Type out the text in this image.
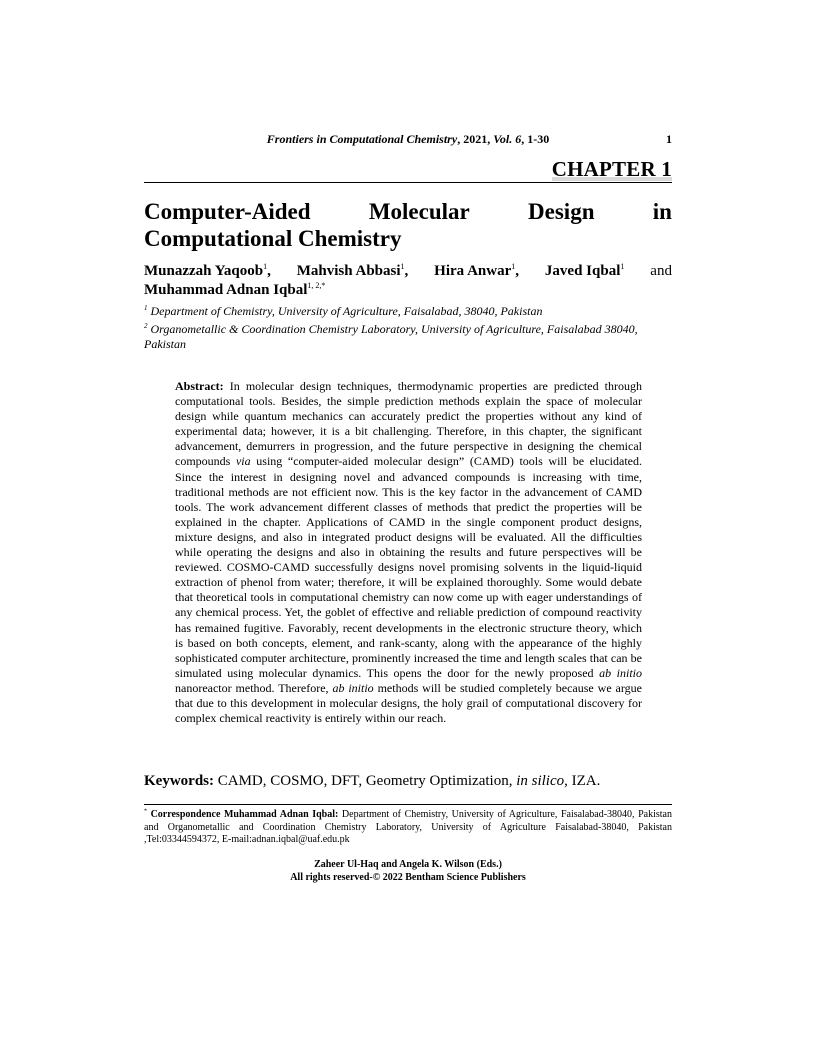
Frontiers in Computational Chemistry, 2021, Vol. 6, 1-30	1
CHAPTER 1
Computer-Aided	Molecular	Design	in
Computational Chemistry
Munazzah Yaqoob$^1$, Mahvish Abbasi$^1$, Hira Anwar$^1$, Javed Iqbal$^1$ and
Muhammad Adnan Iqbal$^{1, 2,*}$
$^1$ Department of Chemistry, University of Agriculture, Faisalabad, 38040, Pakistan
$^2$ Organometallic & Coordination Chemistry Laboratory, University of Agriculture, Faisalabad 38040, Pakistan
Abstract: In molecular design techniques, thermodynamic properties are predicted through computational tools. Besides, the simple prediction methods explain the space of molecular design while quantum mechanics can accurately predict the properties without any kind of experimental data; however, it is a bit challenging. Therefore, in this chapter, the significant advancement, demurrers in progression, and the future perspective in designing the chemical compounds via using “computer-aided molecular design” (CAMD) tools will be elucidated. Since the interest in designing novel and advanced compounds is increasing with time, traditional methods are not efficient now. This is the key factor in the advancement of CAMD tools. The work advancement different classes of methods that predict the properties will be explained in the chapter. Applications of CAMD in the single component product designs, mixture designs, and also in integrated product designs will be evaluated. All the difficulties while operating the designs and also in obtaining the results and future perspectives will be reviewed. COSMO-CAMD successfully designs novel promising solvents in the liquid-liquid extraction of phenol from water; therefore, it will be explained thoroughly. Some would debate that theoretical tools in computational chemistry can now come up with eager understandings of any chemical process. Yet, the goblet of effective and reliable prediction of compound reactivity has remained fugitive. Favorably, recent developments in the electronic structure theory, which is based on both concepts, element, and rank-scanty, along with the appearance of the highly sophisticated computer architecture, prominently increased the time and length scales that can be simulated using molecular dynamics. This opens the door for the newly proposed ab initio nanoreactor method. Therefore, ab initio methods will be studied completely because we argue that due to this development in molecular designs, the holy grail of computational discovery for complex chemical reactivity is entirely within our reach.
Keywords: CAMD, COSMO, DFT, Geometry Optimization, in silico, IZA.
* Correspondence Muhammad Adnan Iqbal: Department of Chemistry, University of Agriculture, Faisalabad-38040, Pakistan and Organometallic and Coordination Chemistry Laboratory, University of Agriculture Faisalabad-38040, Pakistan ,Tel:03344594372, E-mail:adnan.iqbal@uaf.edu.pk
Zaheer Ul-Haq and Angela K. Wilson (Eds.)
All rights reserved-© 2022 Bentham Science Publishers
